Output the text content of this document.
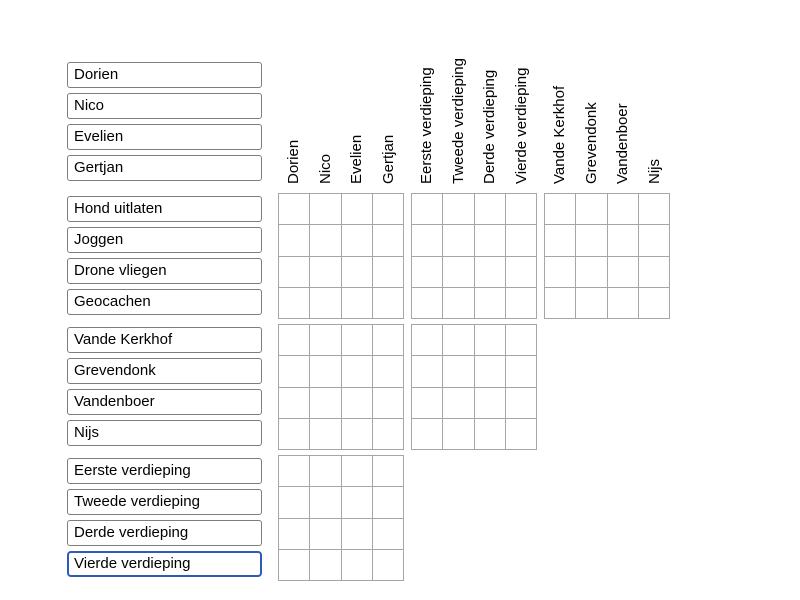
Dorien Nico Evelien Gertjan	Eerste verdieping Tweede verdieping Derde verdieping Vierde verdieping	Vande Kerkhof Grevendonk Vandenboer Nijs
Dorien
Nico
Evelien
Gertjan
Hond uitlaten
Joggen
Drone vliegen
Geocachen
Vande Kerkhof
Grevendonk
Vandenboer
Nijs
Eerste verdieping
Tweede verdieping
Derde verdieping
Vierde verdieping
